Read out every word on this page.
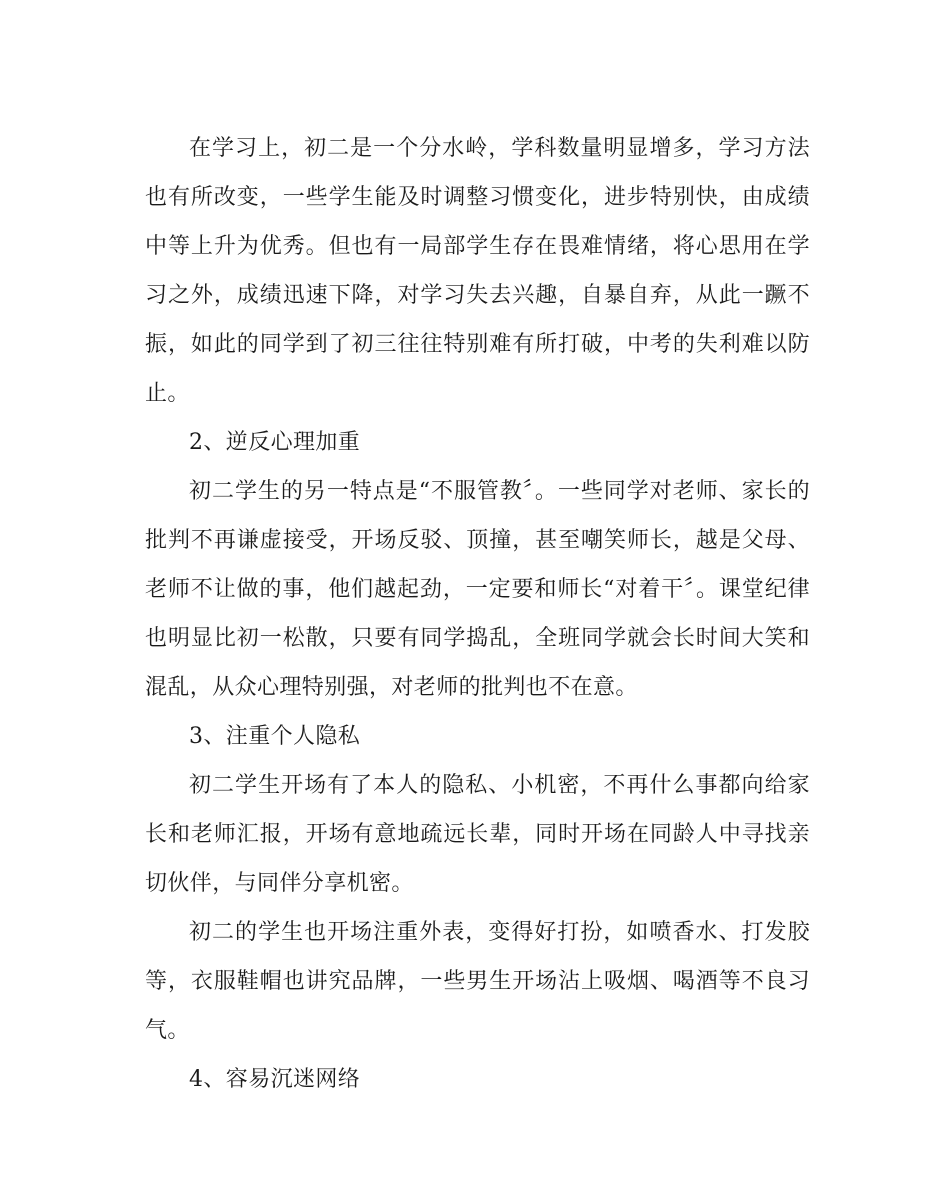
在学习上，初二是一个分水岭，学科数量明显增多，学习方法也有所改变，一些学生能及时调整习惯变化，进步特别快，由成绩中等上升为优秀。但也有一局部学生存在畏难情绪，将心思用在学习之外，成绩迅速下降，对学习失去兴趣，自暴自弃，从此一蹶不振，如此的同学到了初三往往特别难有所打破，中考的失利难以防止。

2、逆反心理加重

初二学生的另一特点是“不服管教〞。一些同学对老师、家长的批判不再谦虚接受，开场反驳、顶撞，甚至嘲笑师长，越是父母、老师不让做的事，他们越起劲，一定要和师长“对着干〞。课堂纪律也明显比初一松散，只要有同学捣乱，全班同学就会长时间大笑和混乱，从众心理特别强，对老师的批判也不在意。

3、注重个人隐私

初二学生开场有了本人的隐私、小机密，不再什么事都向给家长和老师汇报，开场有意地疏远长辈，同时开场在同龄人中寻找亲切伙伴，与同伴分享机密。

初二的学生也开场注重外表，变得好打扮，如喷香水、打发胶等，衣服鞋帽也讲究品牌，一些男生开场沾上吸烟、喝酒等不良习气。

4、容易沉迷网络
